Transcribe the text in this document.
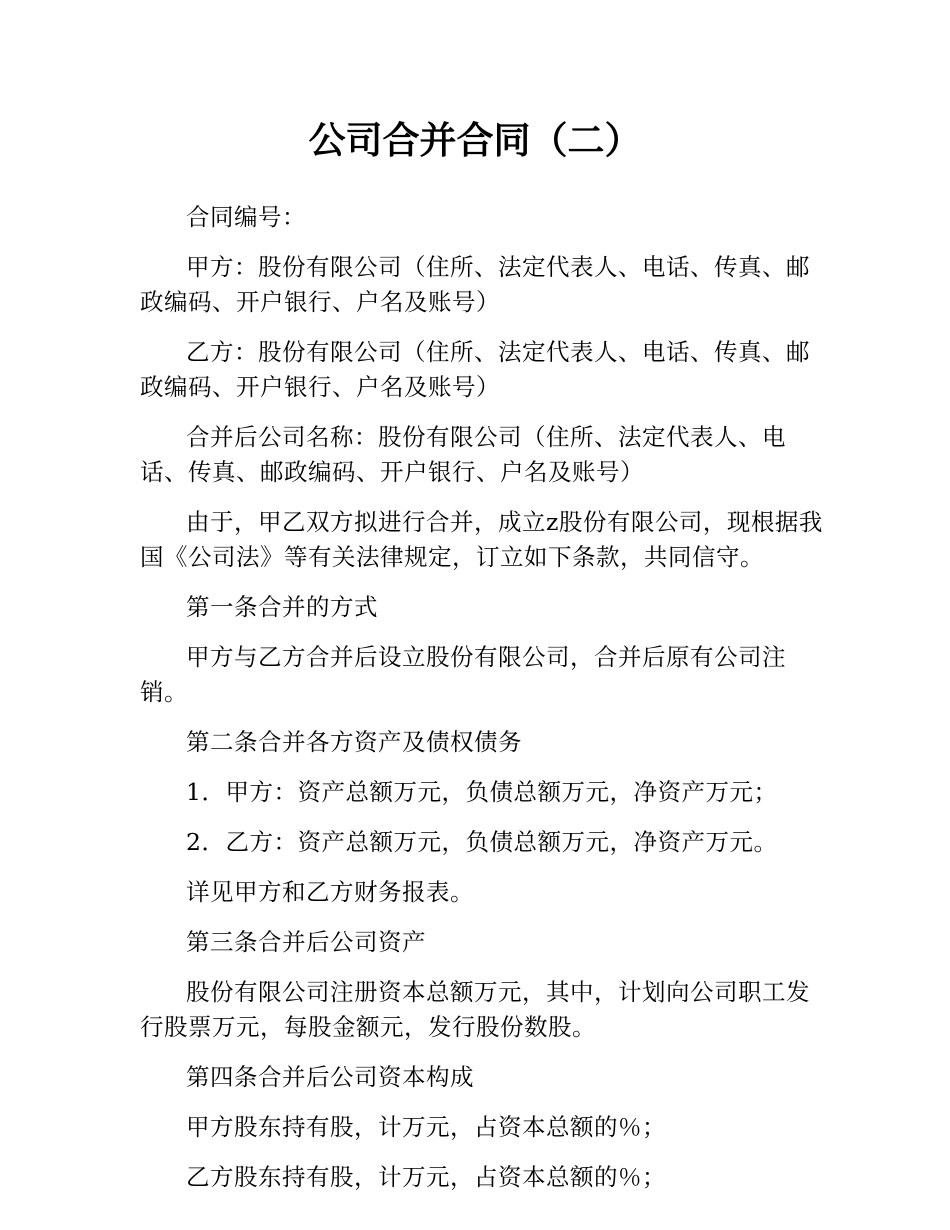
公司合并合同（二）

合同编号：

甲方：股份有限公司（住所、法定代表人、电话、传真、邮政编码、开户银行、户名及账号）

乙方：股份有限公司（住所、法定代表人、电话、传真、邮政编码、开户银行、户名及账号）

合并后公司名称：股份有限公司（住所、法定代表人、电话、传真、邮政编码、开户银行、户名及账号）

由于，甲乙双方拟进行合并，成立z股份有限公司，现根据我国《公司法》等有关法律规定，订立如下条款，共同信守。

第一条合并的方式

甲方与乙方合并后设立股份有限公司，合并后原有公司注销。

第二条合并各方资产及债权债务

1．甲方：资产总额万元，负债总额万元，净资产万元；

2．乙方：资产总额万元，负债总额万元，净资产万元。

详见甲方和乙方财务报表。

第三条合并后公司资产

股份有限公司注册资本总额万元，其中，计划向公司职工发行股票万元，每股金额元，发行股份数股。

第四条合并后公司资本构成

甲方股东持有股，计万元，占资本总额的％；

乙方股东持有股，计万元，占资本总额的％；
